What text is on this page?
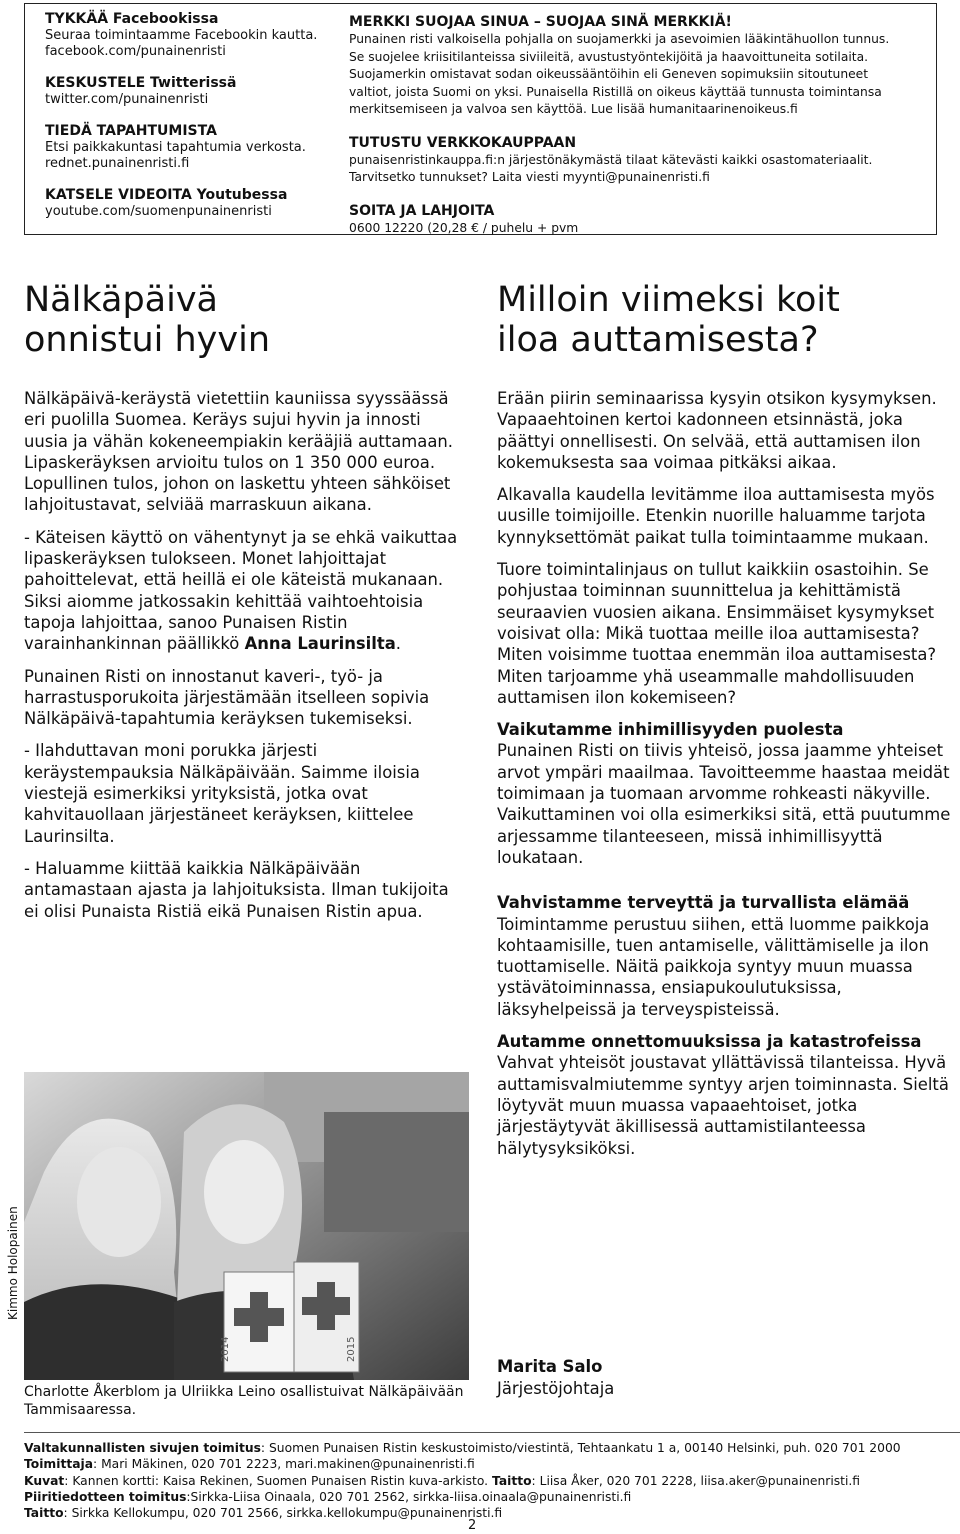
TYKKÄÄ Facebookissa
Seuraa toimintaamme Facebookin kautta.
facebook.com/punainenristi
KESKUSTELE Twitterissä
twitter.com/punainenristi
TIEDÄ TAPAHTUMISTA
Etsi paikkakuntasi tapahtumia verkosta.
rednet.punainenristi.fi
KATSELE VIDEOITA Youtubessa
youtube.com/suomenpunainenristi
MERKKI SUOJAA SINUA – SUOJAA SINÄ MERKKIÄ!
Punainen risti valkoisella pohjalla on suojamerkki ja asevoimien lääkintähuollon tunnus.
Se suojelee kriisitilanteissa siviileitä, avustustyöntekijöitä ja haavoittuneita sotilaita.
Suojamerkin omistavat sodan oikeussääntöihin eli Geneven sopimuksiin sitoutuneet
valtiot, joista Suomi on yksi. Punaisella Ristillä on oikeus käyttää tunnusta toimintansa
merkitsemiseen ja valvoa sen käyttöä. Lue lisää humanitaarinenoikeus.fi
TUTUSTU VERKKOKAUPPAAN
punaisenristinkauppa.fi:n järjestönäkymästä tilaat kätevästi kaikki osastomateriaalit.
Tarvitsetko tunnukset? Laita viesti myynti@punainenristi.fi
SOITA JA LAHJOITA
0600 12220 (20,28 € / puhelu + pvm
Nälkäpäivä
onnistui hyvin

Nälkäpäivä-keräystä vietettiin kauniissa syyssäässä eri puolilla Suomea. Keräys sujui hyvin ja innosti uusia ja vähän kokeneempiakin kerääjiä auttamaan. Lipaskeräyksen arvioitu tulos on 1 350 000 euroa. Lopullinen tulos, johon on laskettu yhteen sähköiset lahjoitustavat, selviää marraskuun aikana.

- Käteisen käyttö on vähentynyt ja se ehkä vaikuttaa lipaskeräyksen tulokseen. Monet lahjoittajat pahoittelevat, että heillä ei ole käteistä mukanaan. Siksi aiomme jatkossakin kehittää vaihtoehtoisia tapoja lahjoittaa, sanoo Punaisen Ristin varainhankinnan päällikkö Anna Laurinsilta.

Punainen Risti on innostanut kaveri-, työ- ja harrastusporukoita järjestämään itselleen sopivia Nälkäpäivä-tapahtumia keräyksen tukemiseksi.

- Ilahduttavan moni porukka järjesti keräystempauksia Nälkäpäivään. Saimme iloisia viestejä esimerkiksi yrityksistä, jotka ovat kahvitauollaan järjestäneet keräyksen, kiittelee Laurinsilta.

- Haluamme kiittää kaikkia Nälkäpäivään antamastaan ajasta ja lahjoituksista. Ilman tukijoita ei olisi Punaista Ristiä eikä Punaisen Ristin apua.

2014	2015
Kimmo Holopainen
Charlotte Åkerblom ja Ulriikka Leino osallistuivat Nälkäpäivään Tammisaaressa.
Milloin viimeksi koit
iloa auttamisesta?

Erään piirin seminaarissa kysyin otsikon kysymyksen. Vapaaehtoinen kertoi kadonneen etsinnästä, joka päättyi onnellisesti. On selvää, että auttamisen ilon kokemuksesta saa voimaa pitkäksi aikaa.

Alkavalla kaudella levitämme iloa auttamisesta myös uusille toimijoille. Etenkin nuorille haluamme tarjota kynnyksettömät paikat tulla toimintaamme mukaan.

Tuore toimintalinjaus on tullut kaikkiin osastoihin. Se pohjustaa toiminnan suunnittelua ja kehittämistä seuraavien vuosien aikana. Ensimmäiset kysymykset voisivat olla: Mikä tuottaa meille iloa auttamisesta? Miten voisimme tuottaa enemmän iloa auttamisesta? Miten tarjoamme yhä useammalle mahdollisuuden auttamisen ilon kokemiseen?

Vaikutamme inhimillisyyden puolesta
Punainen Risti on tiivis yhteisö, jossa jaamme yhteiset arvot ympäri maailmaa. Tavoitteemme haastaa meidät toimimaan ja tuomaan arvomme rohkeasti näkyville. Vaikuttaminen voi olla esimerkiksi sitä, että puutumme arjessamme tilanteeseen, missä inhimillisyyttä loukataan.

Vahvistamme terveyttä ja turvallista elämää
Toimintamme perustuu siihen, että luomme paikkoja kohtaamisille, tuen antamiselle, välittämiselle ja ilon tuottamiselle. Näitä paikkoja syntyy muun muassa ystävätoiminnassa, ensiapukoulutuksissa, läksyhelpeissä ja terveyspisteissä.

Autamme onnettomuuksissa ja katastrofeissa
Vahvat yhteisöt joustavat yllättävissä tilanteissa. Hyvä auttamisvalmiutemme syntyy arjen toiminnasta. Sieltä löytyvät muun muassa vapaaehtoiset, jotka järjestäytyvät äkillisessä auttamistilanteessa hälytysyksiköksi.

Marita Salo
Järjestöjohtaja
Valtakunnallisten sivujen toimitus: Suomen Punaisen Ristin keskustoimisto/viestintä, Tehtaankatu 1 a, 00140 Helsinki, puh. 020 701 2000
Toimittaja: Mari Mäkinen, 020 701 2223, mari.makinen@punainenristi.fi
Kuvat: Kannen kortti: Kaisa Rekinen, Suomen Punaisen Ristin kuva-arkisto. Taitto: Liisa Åker, 020 701 2228, liisa.aker@punainenristi.fi
Piiritiedotteen toimitus:Sirkka-Liisa Oinaala, 020 701 2562, sirkka-liisa.oinaala@punainenristi.fi
Taitto: Sirkka Kellokumpu, 020 701 2566, sirkka.kellokumpu@punainenristi.fi
2
